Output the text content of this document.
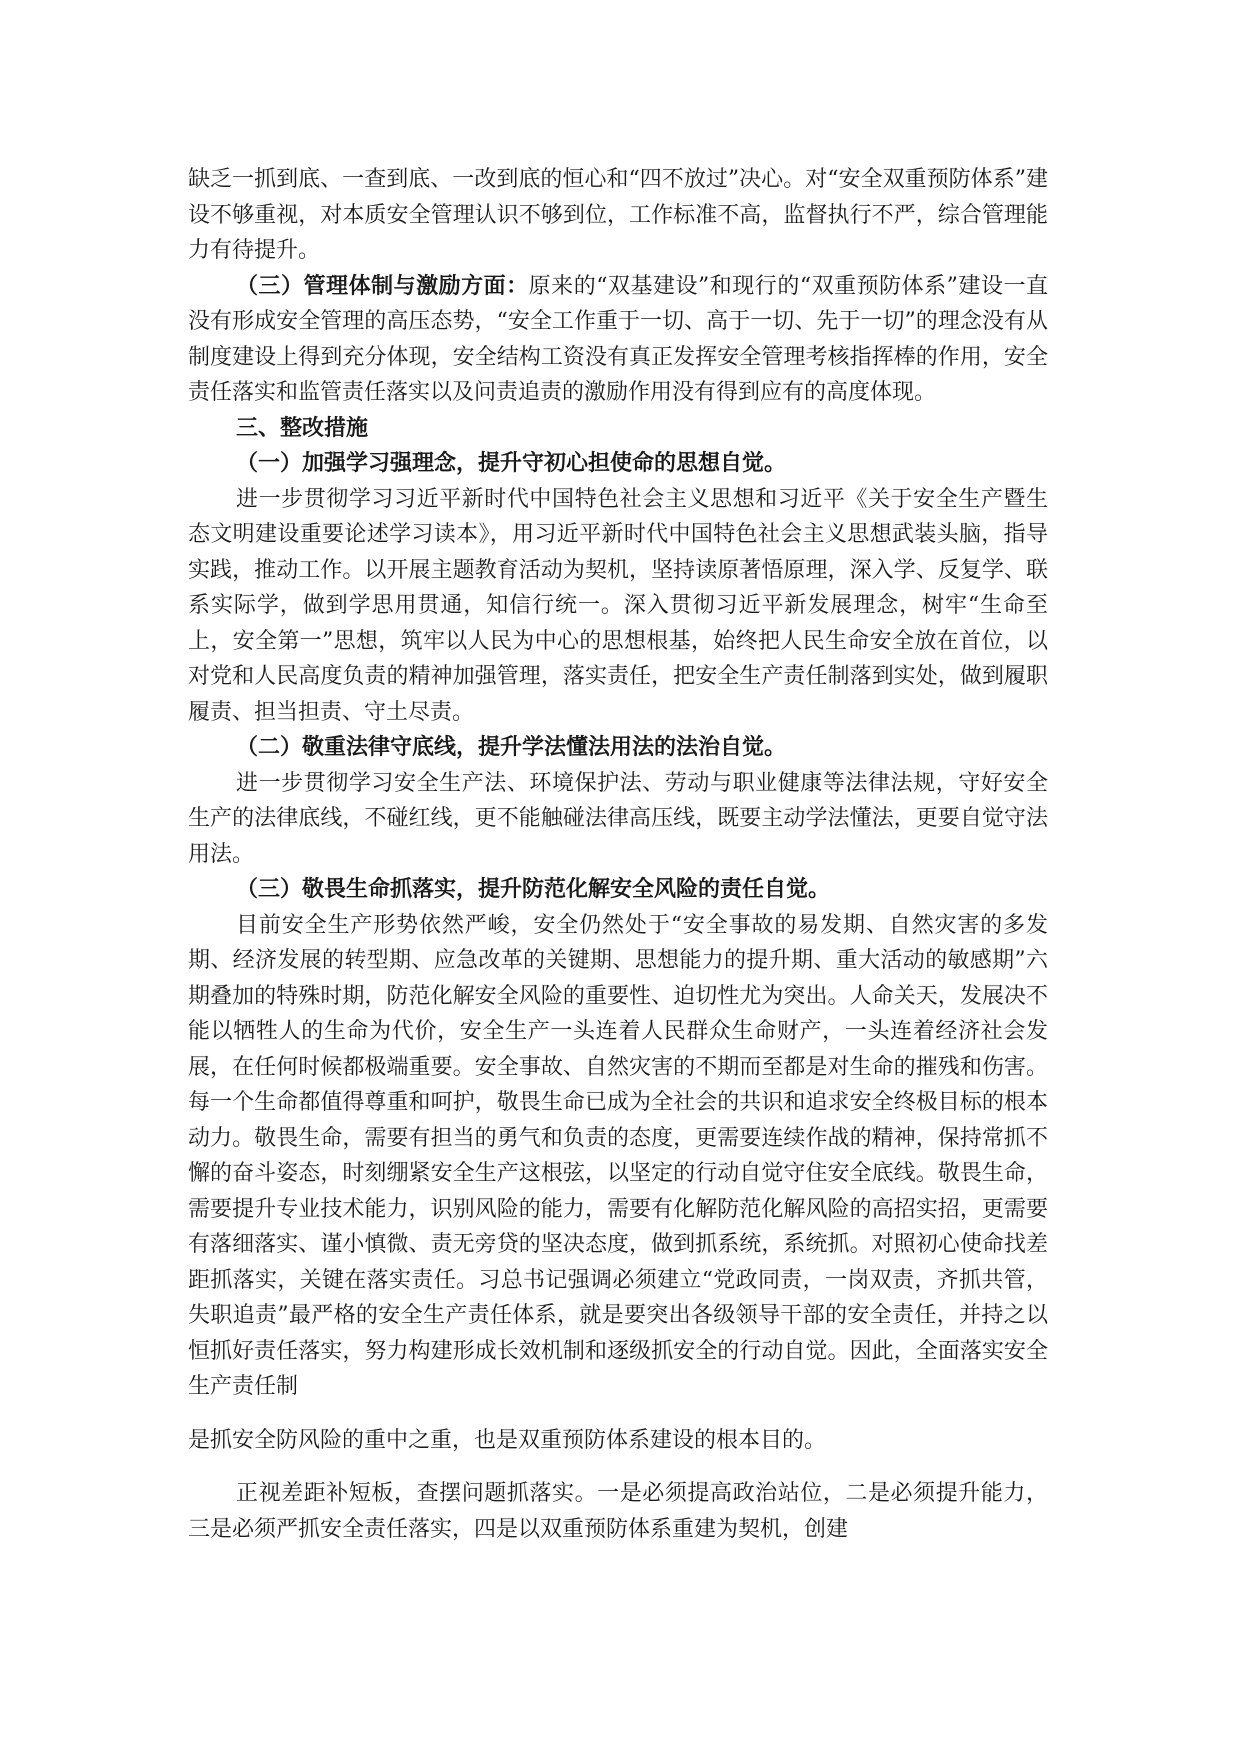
缺乏一抓到底、一查到底、一改到底的恒心和“四不放过”决心。对“安全双重预防体系”建设不够重视，对本质安全管理认识不够到位，工作标准不高，监督执行不严，综合管理能力有待提升。

（三）管理体制与激励方面：原来的“双基建设”和现行的“双重预防体系”建设一直没有形成安全管理的高压态势，“安全工作重于一切、高于一切、先于一切”的理念没有从制度建设上得到充分体现，安全结构工资没有真正发挥安全管理考核指挥棒的作用，安全责任落实和监管责任落实以及问责追责的激励作用没有得到应有的高度体现。

三、整改措施

（一）加强学习强理念，提升守初心担使命的思想自觉。

进一步贯彻学习习近平新时代中国特色社会主义思想和习近平《关于安全生产暨生态文明建设重要论述学习读本》，用习近平新时代中国特色社会主义思想武装头脑，指导实践，推动工作。以开展主题教育活动为契机，坚持读原著悟原理，深入学、反复学、联系实际学，做到学思用贯通，知信行统一。深入贯彻习近平新发展理念，树牢“生命至上，安全第一”思想，筑牢以人民为中心的思想根基，始终把人民生命安全放在首位，以对党和人民高度负责的精神加强管理，落实责任，把安全生产责任制落到实处，做到履职履责、担当担责、守土尽责。

（二）敬重法律守底线，提升学法懂法用法的法治自觉。

进一步贯彻学习安全生产法、环境保护法、劳动与职业健康等法律法规，守好安全生产的法律底线，不碰红线，更不能触碰法律高压线，既要主动学法懂法，更要自觉守法用法。

（三）敬畏生命抓落实，提升防范化解安全风险的责任自觉。

目前安全生产形势依然严峻，安全仍然处于“安全事故的易发期、自然灾害的多发期、经济发展的转型期、应急改革的关键期、思想能力的提升期、重大活动的敏感期”六期叠加的特殊时期，防范化解安全风险的重要性、迫切性尤为突出。人命关天，发展决不能以牺牲人的生命为代价，安全生产一头连着人民群众生命财产，一头连着经济社会发展，在任何时候都极端重要。安全事故、自然灾害的不期而至都是对生命的摧残和伤害。每一个生命都值得尊重和呵护，敬畏生命已成为全社会的共识和追求安全终极目标的根本动力。敬畏生命，需要有担当的勇气和负责的态度，更需要连续作战的精神，保持常抓不懈的奋斗姿态，时刻绷紧安全生产这根弦，以坚定的行动自觉守住安全底线。敬畏生命，需要提升专业技术能力，识别风险的能力，需要有化解防范化解风险的高招实招，更需要有落细落实、谨小慎微、责无旁贷的坚决态度，做到抓系统，系统抓。对照初心使命找差距抓落实，关键在落实责任。习总书记强调必须建立“党政同责，一岗双责，齐抓共管，失职追责”最严格的安全生产责任体系，就是要突出各级领导干部的安全责任，并持之以恒抓好责任落实，努力构建形成长效机制和逐级抓安全的行动自觉。因此，全面落实安全生产责任制

是抓安全防风险的重中之重，也是双重预防体系建设的根本目的。

正视差距补短板，查摆问题抓落实。一是必须提高政治站位，二是必须提升能力，三是必须严抓安全责任落实，四是以双重预防体系重建为契机，创建
